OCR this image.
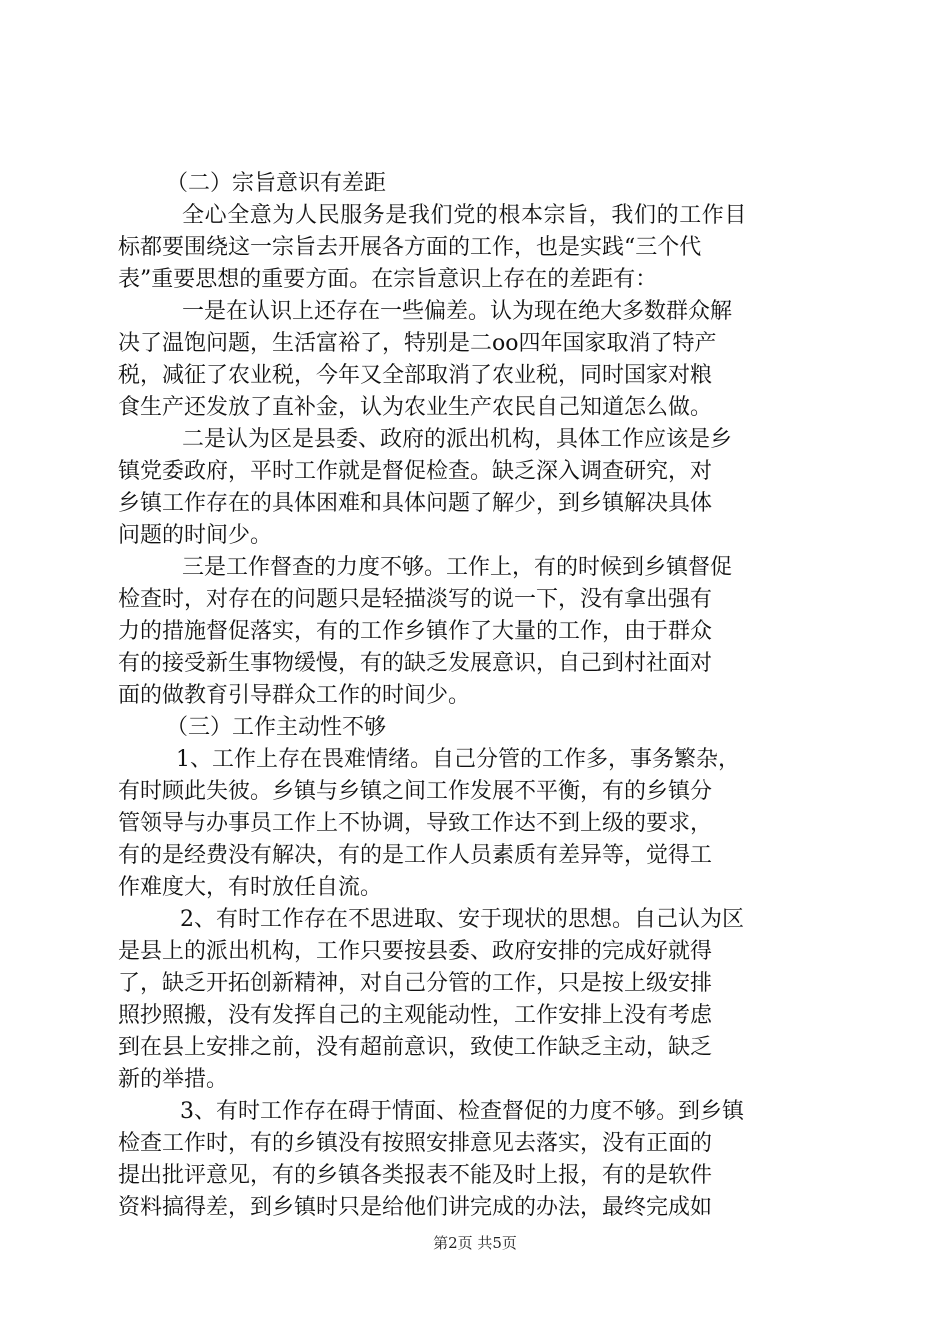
（二）宗旨意识有差距
全心全意为人民服务是我们党的根本宗旨，我们的工作目
标都要围绕这一宗旨去开展各方面的工作，也是实践“三个代
表”重要思想的重要方面。在宗旨意识上存在的差距有：
一是在认识上还存在一些偏差。认为现在绝大多数群众解
决了温饱问题，生活富裕了，特别是二oo四年国家取消了特产
税，减征了农业税，今年又全部取消了农业税，同时国家对粮
食生产还发放了直补金，认为农业生产农民自己知道怎么做。
二是认为区是县委、政府的派出机构，具体工作应该是乡
镇党委政府，平时工作就是督促检查。缺乏深入调查研究，对
乡镇工作存在的具体困难和具体问题了解少，到乡镇解决具体
问题的时间少。
三是工作督查的力度不够。工作上，有的时候到乡镇督促
检查时，对存在的问题只是轻描淡写的说一下，没有拿出强有
力的措施督促落实，有的工作乡镇作了大量的工作，由于群众
有的接受新生事物缓慢，有的缺乏发展意识，自己到村社面对
面的做教育引导群众工作的时间少。
（三）工作主动性不够
1、工作上存在畏难情绪。自己分管的工作多，事务繁杂，
有时顾此失彼。乡镇与乡镇之间工作发展不平衡，有的乡镇分
管领导与办事员工作上不协调，导致工作达不到上级的要求，
有的是经费没有解决，有的是工作人员素质有差异等，觉得工
作难度大，有时放任自流。
2、有时工作存在不思进取、安于现状的思想。自己认为区
是县上的派出机构，工作只要按县委、政府安排的完成好就得
了，缺乏开拓创新精神，对自己分管的工作，只是按上级安排
照抄照搬，没有发挥自己的主观能动性，工作安排上没有考虑
到在县上安排之前，没有超前意识，致使工作缺乏主动，缺乏
新的举措。
3、有时工作存在碍于情面、检查督促的力度不够。到乡镇
检查工作时，有的乡镇没有按照安排意见去落实，没有正面的
提出批评意见，有的乡镇各类报表不能及时上报，有的是软件
资料搞得差，到乡镇时只是给他们讲完成的办法，最终完成如
第2页 共5页
